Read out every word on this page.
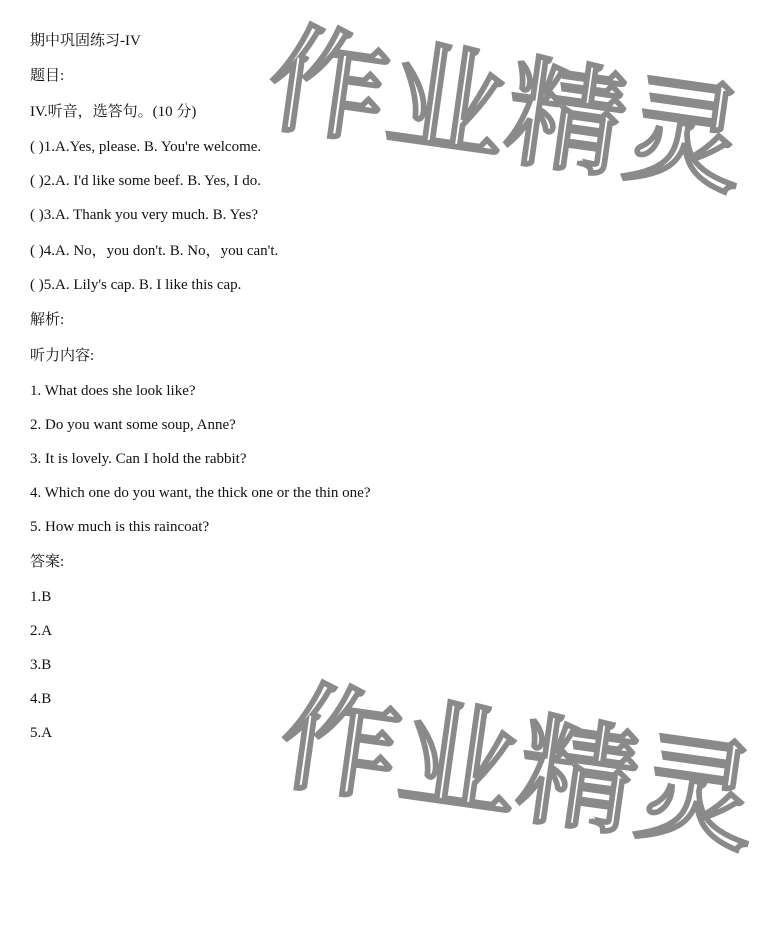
作业精灵
作业精灵
期中巩固练习-IV
题目:
IV.听音，选答句。(10 分)
( )1.A.Yes, please. B. You're welcome.
( )2.A. I'd like some beef. B. Yes, I do.
( )3.A. Thank you very much. B. Yes?
( )4.A. No，you don't. B. No，you can't.
( )5.A. Lily's cap. B. I like this cap.
解析:
听力内容:
1. What does she look like?
2. Do you want some soup, Anne?
3. It is lovely. Can I hold the rabbit?
4. Which one do you want, the thick one or the thin one?
5. How much is this raincoat?
答案:
1.B
2.A
3.B
4.B
5.A
